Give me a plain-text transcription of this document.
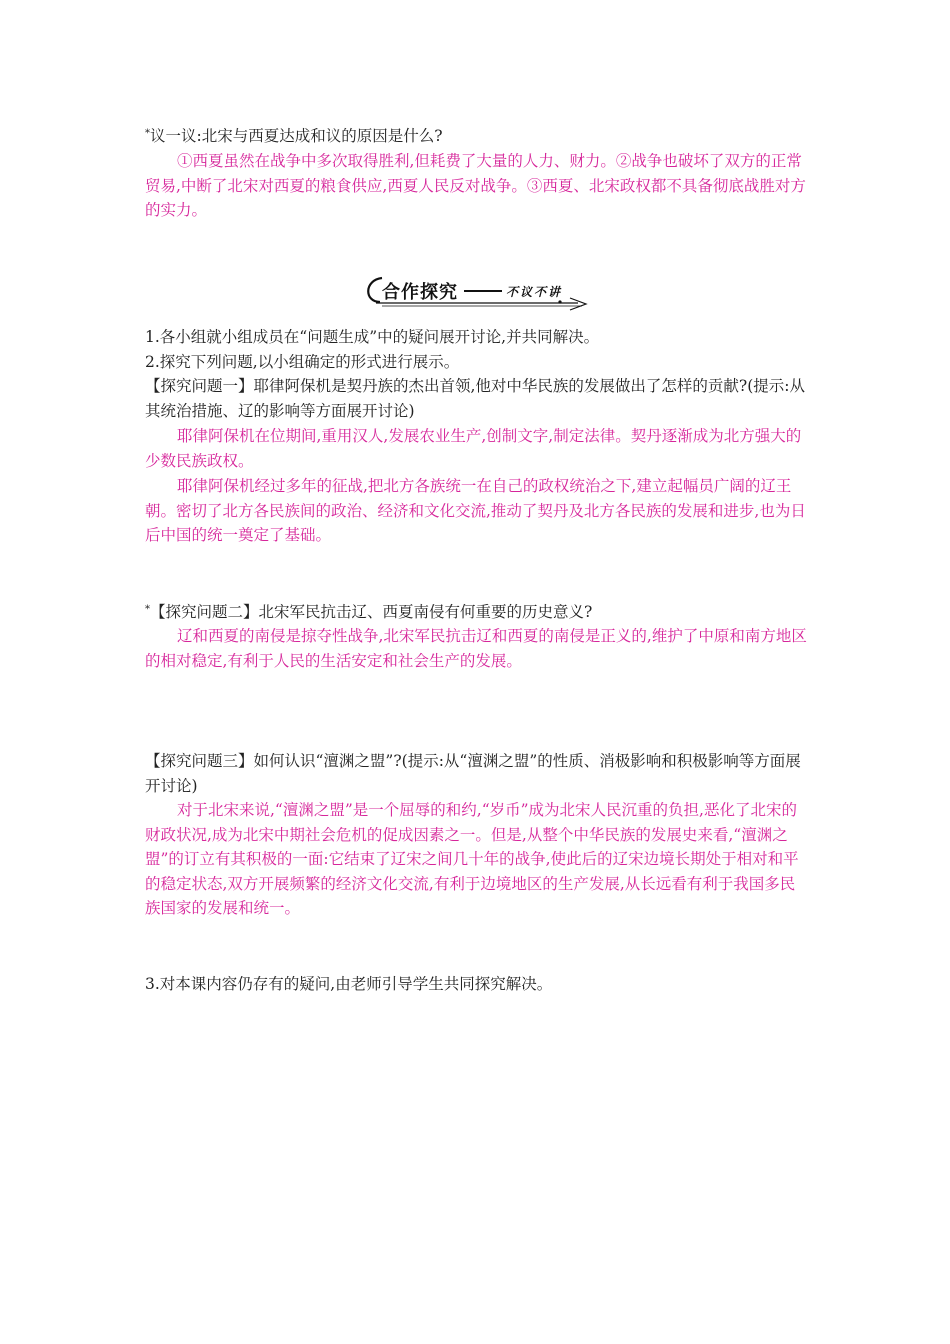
*议一议:北宋与西夏达成和议的原因是什么?

①西夏虽然在战争中多次取得胜利,但耗费了大量的人力、财力。②战争也破坏了双方的正常贸易,中断了北宋对西夏的粮食供应,西夏人民反对战争。③西夏、北宋政权都不具备彻底战胜对方的实力。
合作探究	不议不讲
1.各小组就小组成员在“问题生成”中的疑问展开讨论,并共同解决。
2.探究下列问题,以小组确定的形式进行展示。
【探究问题一】耶律阿保机是契丹族的杰出首领,他对中华民族的发展做出了怎样的贡献?(提示:从其统治措施、辽的影响等方面展开讨论)
耶律阿保机在位期间,重用汉人,发展农业生产,创制文字,制定法律。契丹逐渐成为北方强大的少数民族政权。
耶律阿保机经过多年的征战,把北方各族统一在自己的政权统治之下,建立起幅员广阔的辽王朝。密切了北方各民族间的政治、经济和文化交流,推动了契丹及北方各民族的发展和进步,也为日后中国的统一奠定了基础。

*【探究问题二】北宋军民抗击辽、西夏南侵有何重要的历史意义?

辽和西夏的南侵是掠夺性战争,北宋军民抗击辽和西夏的南侵是正义的,维护了中原和南方地区的相对稳定,有利于人民的生活安定和社会生产的发展。
【探究问题三】如何认识“澶渊之盟”?(提示:从“澶渊之盟”的性质、消极影响和积极影响等方面展开讨论)
对于北宋来说,“澶渊之盟”是一个屈辱的和约,“岁币”成为北宋人民沉重的负担,恶化了北宋的财政状况,成为北宋中期社会危机的促成因素之一。但是,从整个中华民族的发展史来看,“澶渊之盟”的订立有其积极的一面:它结束了辽宋之间几十年的战争,使此后的辽宋边境长期处于相对和平的稳定状态,双方开展频繁的经济文化交流,有利于边境地区的生产发展,从长远看有利于我国多民族国家的发展和统一。
3.对本课内容仍存有的疑问,由老师引导学生共同探究解决。
